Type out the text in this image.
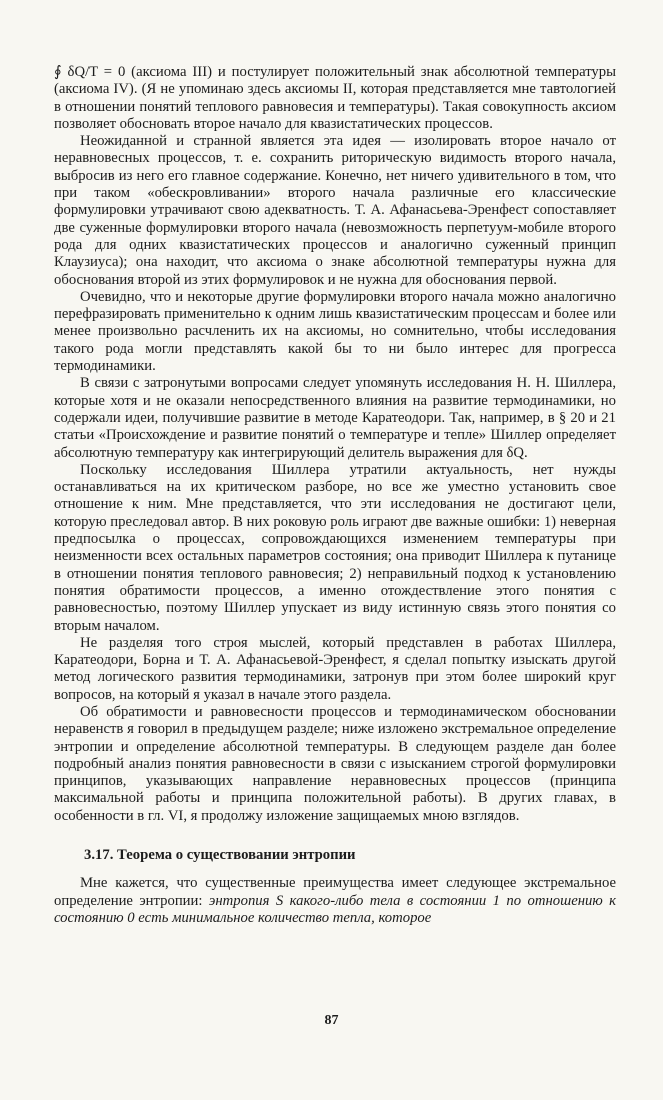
∮ δQ/T = 0 (аксиома III) и постулирует положительный знак абсолютной температуры (аксиома IV). (Я не упоминаю здесь аксиомы II, которая представляется мне тавтологией в отношении понятий теплового равновесия и температуры). Такая совокупность аксиом позволяет обосновать второе начало для квазистатических процессов.

Неожиданной и странной является эта идея — изолировать второе начало от неравновесных процессов, т. е. сохранить риторическую видимость второго начала, выбросив из него его главное содержание. Конечно, нет ничего удивительного в том, что при таком «обескровливании» второго начала различные его классические формулировки утрачивают свою адекватность. Т. А. Афанасьева-Эренфест сопоставляет две суженные формулировки второго начала (невозможность перпетуум-мобиле второго рода для одних квазистатических процессов и аналогично суженный принцип Клаузиуса); она находит, что аксиома о знаке абсолютной температуры нужна для обоснования второй из этих формулировок и не нужна для обоснования первой.

Очевидно, что и некоторые другие формулировки второго начала можно аналогично перефразировать применительно к одним лишь квазистатическим процессам и более или менее произвольно расчленить их на аксиомы, но сомнительно, чтобы исследования такого рода могли представлять какой бы то ни было интерес для прогресса термодинамики.

В связи с затронутыми вопросами следует упомянуть исследования Н. Н. Шиллера, которые хотя и не оказали непосредственного влияния на развитие термодинамики, но содержали идеи, получившие развитие в методе Каратеодори. Так, например, в § 20 и 21 статьи «Происхождение и развитие понятий о температуре и тепле» Шиллер определяет абсолютную температуру как интегрирующий делитель выражения для δQ.

Поскольку исследования Шиллера утратили актуальность, нет нужды останавливаться на их критическом разборе, но все же уместно установить свое отношение к ним. Мне представляется, что эти исследования не достигают цели, которую преследовал автор. В них роковую роль играют две важные ошибки: 1) неверная предпосылка о процессах, сопровождающихся изменением температуры при неизменности всех остальных параметров состояния; она приводит Шиллера к путанице в отношении понятия теплового равновесия; 2) неправильный подход к установлению понятия обратимости процессов, а именно отождествление этого понятия с равновесностью, поэтому Шиллер упускает из виду истинную связь этого понятия со вторым началом.

Не разделяя того строя мыслей, который представлен в работах Шиллера, Каратеодори, Борна и Т. А. Афанасьевой-Эренфест, я сделал попытку изыскать другой метод логического развития термодинамики, затронув при этом более широкий круг вопросов, на который я указал в начале этого раздела.

Об обратимости и равновесности процессов и термодинамическом обосновании неравенств я говорил в предыдущем разделе; ниже изложено экстремальное определение энтропии и определение абсолютной температуры. В следующем разделе дан более подробный анализ понятия равновесности в связи с изысканием строгой формулировки принципов, указывающих направление неравновесных процессов (принципа максимальной работы и принципа положительной работы). В других главах, в особенности в гл. VI, я продолжу изложение защищаемых мною взглядов.

3.17. Теорема о существовании энтропии

Мне кажется, что существенные преимущества имеет следующее экстремальное определение энтропии: энтропия S какого-либо тела в состоянии 1 по отношению к состоянию 0 есть минимальное количество тепла, которое

87
